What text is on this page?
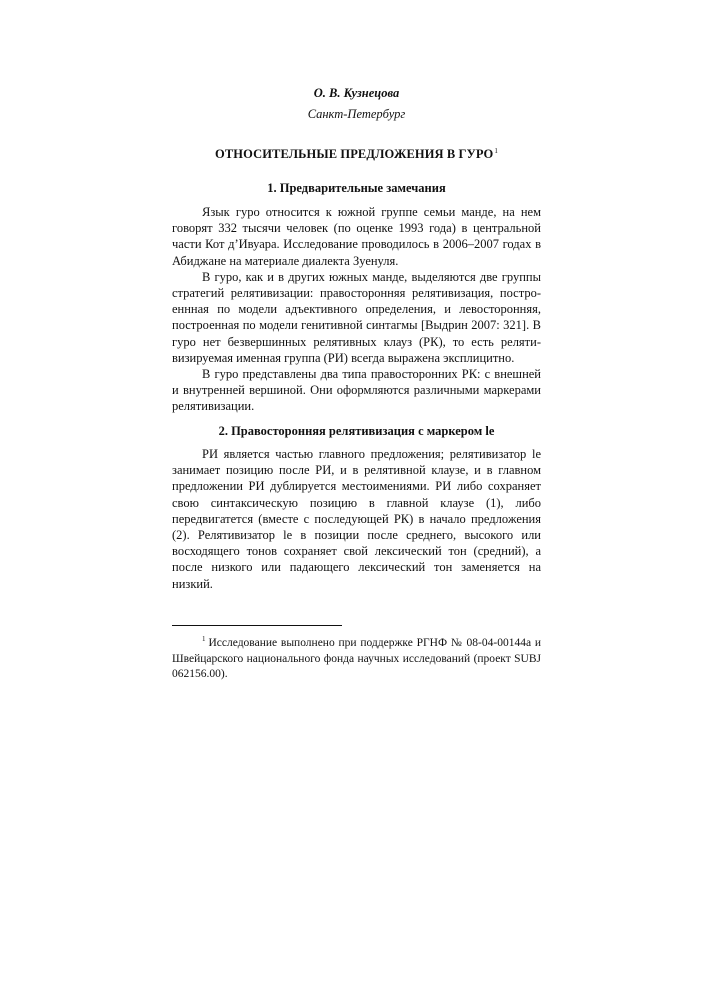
О. В. Кузнецова
Санкт-Петербург
ОТНОСИТЕЛЬНЫЕ ПРЕДЛОЖЕНИЯ В ГУРО$^1$
1. Предварительные замечания

Язык гуро относится к южной группе семьи манде, на нем говорят 332 тысячи человек (по оценке 1993 года) в центральной части Кот д’Ивуара. Исследование проводилось в 2006–2007 годах в Абиджане на материале диалекта Зуенуля.

В гуро, как и в других южных манде, выделяются две группы стратегий релятивизации: правосторонняя релятивизация, построеннная по модели адъективного определения, и левосторонняя, построенная по модели генитивной синтагмы [Выдрин 2007: 321]. В гуро нет безвершинных релятивных клауз (РК), то есть релятивизируемая именная группа (РИ) всегда выражена эксплицитно.

В гуро представлены два типа правосторонних РК: с внешней и внутренней вершиной. Они оформляются различными маркерами релятивизации.

2. Правосторонняя релятивизация с маркером le

РИ является частью главного предложения; релятивизатор le занимает позицию после РИ, и в релятивной клаузе, и в главном предложении РИ дублируется местоимениями. РИ либо сохраняет свою синтаксическую позицию в главной клаузе (1), либо передвигатется (вместе с последующей РК) в начало предложения (2). Релятивизатор le в позиции после среднего, высокого или восходящего тонов сохраняет свой лексический тон (средний), а после низкого или падающего лексический тон заменяется на низкий.

$^1$ Исследование выполнено при поддержке РГНФ № 08-04-00144а и Швейцарского национального фонда научных исследований (проект SUBJ 062156.00).
